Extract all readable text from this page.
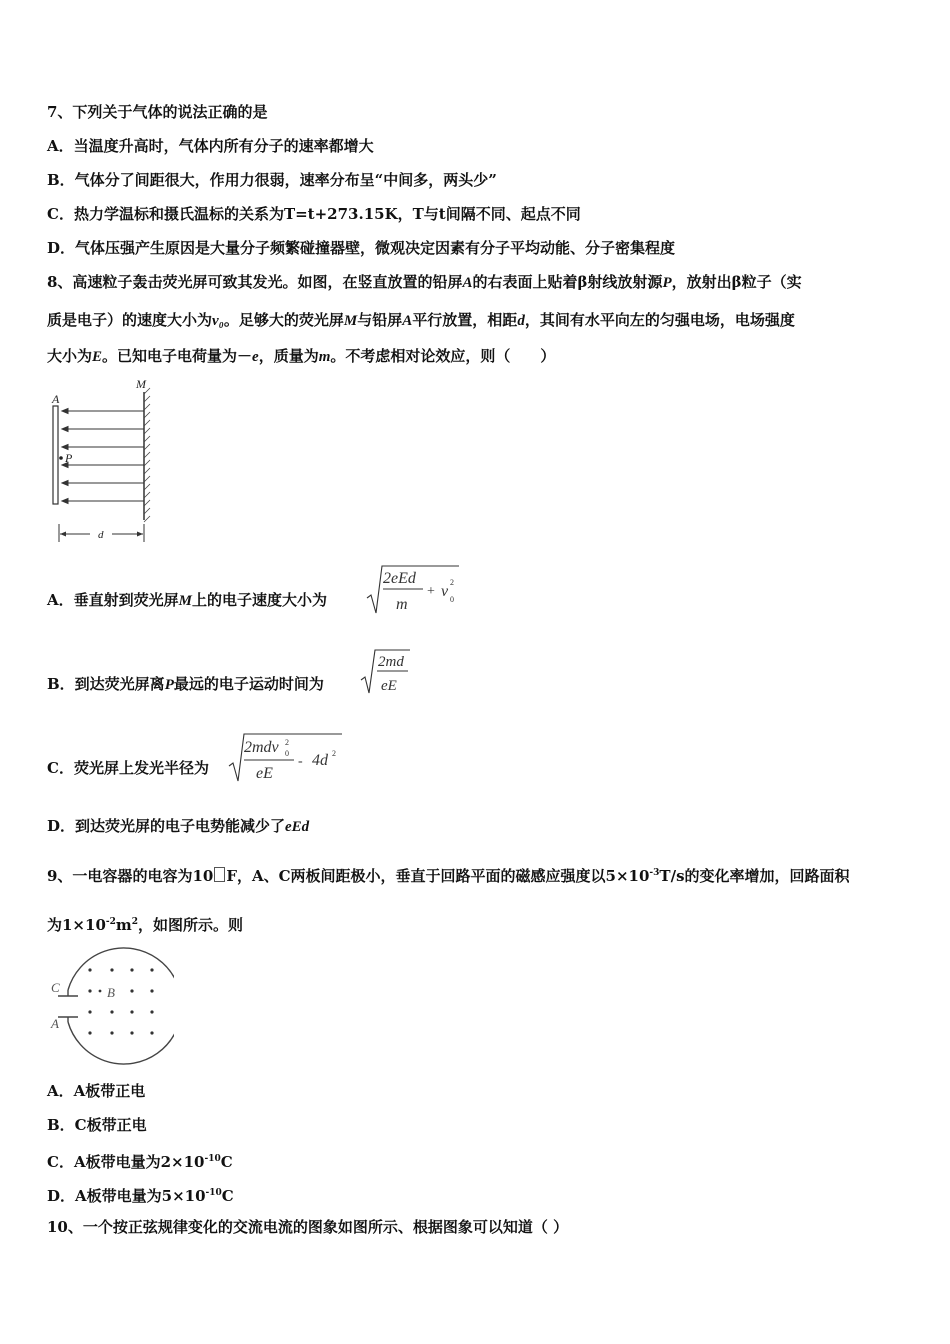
7、下列关于气体的说法正确的是
A．当温度升高时，气体内所有分子的速率都增大
B．气体分了间距很大，作用力很弱，速率分布呈“中间多，两头少”
C．热力学温标和摄氏温标的关系为T=t+273.15K，T与t间隔不同、起点不同
D．气体压强产生原因是大量分子频繁碰撞器壁，微观决定因素有分子平均动能、分子密集程度
8、高速粒子轰击荧光屏可致其发光。如图，在竖直放置的铅屏A的右表面上贴着β射线放射源P，放射出β粒子（实
质是电子）的速度大小为v₀。足够大的荧光屏M与铅屏A平行放置，相距d，其间有水平向左的匀强电场，电场强度
大小为E。已知电子电荷量为－e，质量为m。不考虑相对论效应，则（　　）
A
M
P
d
A．垂直射到荧光屏M上的电子速度大小为
2eEd
m
+ v
2
0
B．到达荧光屏离P最远的电子运动时间为
2md
eE
C．荧光屏上发光半径为
2mdv 2
0
eE
- 4d 2
D．到达荧光屏的电子电势能减少了eEd
9、一电容器的电容为10 F，A、C两板间距极小，垂直于回路平面的磁感应强度以$5\times 10^{-3}T/s$的变化率增加，回路面积
为$1\times 10^{-2}m^2$，如图所示。则
C
A
B
A．A板带正电
B．C板带正电
C．A板带电量为$2\times 10^{-10}C$
D．A板带电量为$5\times 10^{-10}C$
10、一个按正弦规律变化的交流电流的图象如图所示、根据图象可以知道（ ）
